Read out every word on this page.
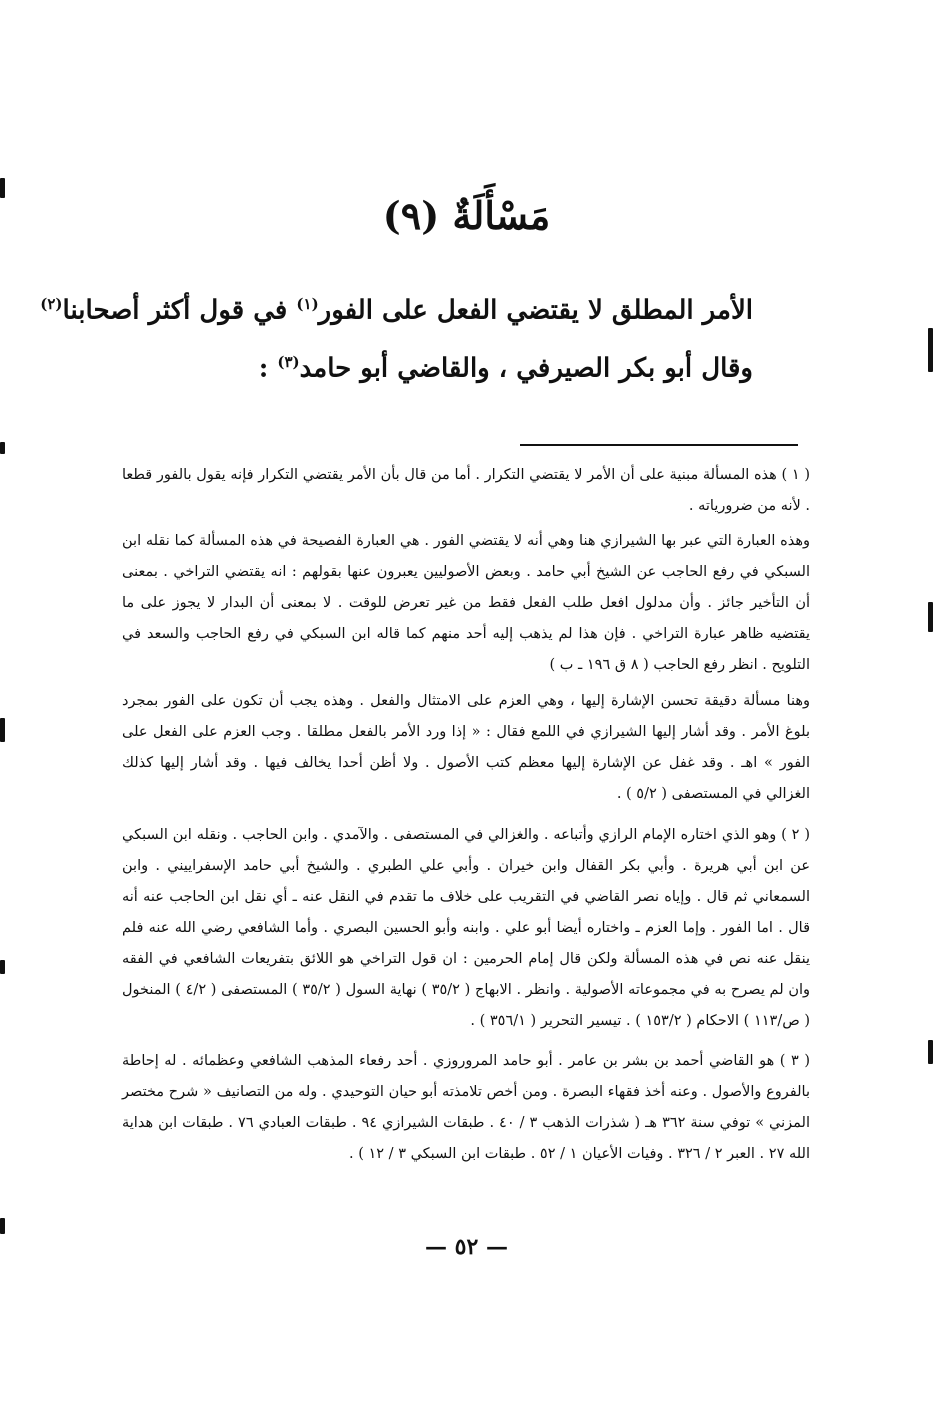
مَسْأَلَةٌ (٩)
الأمر المطلق لا يقتضي الفعل على الفور$^{(١)}$ في قول أكثر أصحابنا$^{(٢)}$
وقال أبو بكر الصيرفي ، والقاضي أبو حامد$^{(٣)}$ :

( ١ ) هذه المسألة مبنية على أن الأمر لا يقتضي التكرار . أما من قال بأن الأمر يقتضي التكرار فإنه يقول بالفور قطعا . لأنه من ضرورياته .

وهذه العبارة التي عبر بها الشيرازي هنا وهي أنه لا يقتضي الفور . هي العبارة الفصيحة في هذه المسألة كما نقله ابن السبكي في رفع الحاجب عن الشيخ أبي حامد . وبعض الأصوليين يعبرون عنها بقولهم : انه يقتضي التراخي . بمعنى أن التأخير جائز . وأن مدلول افعل طلب الفعل فقط من غير تعرض للوقت . لا بمعنى أن البدار لا يجوز على ما يقتضيه ظاهر عبارة التراخي . فإن هذا لم يذهب إليه أحد منهم كما قاله ابن السبكي في رفع الحاجب والسعد في التلويح . انظر رفع الحاجب ( ٨ ق ١٩٦ ـ ب )

وهنا مسألة دقيقة تحسن الإشارة إليها ، وهي العزم على الامتثال والفعل . وهذه يجب أن تكون على الفور بمجرد بلوغ الأمر . وقد أشار إليها الشيرازي في اللمع فقال : « إذا ورد الأمر بالفعل مطلقا . وجب العزم على الفعل على الفور » اهـ . وقد غفل عن الإشارة إليها معظم كتب الأصول . ولا أظن أحدا يخالف فيها . وقد أشار إليها كذلك الغزالي في المستصفى ( ٥/٢ ) .

( ٢ ) وهو الذي اختاره الإمام الرازي وأتباعه . والغزالي في المستصفى . والآمدي . وابن الحاجب . ونقله ابن السبكي عن ابن أبي هريرة . وأبي بكر القفال وابن خيران . وأبي علي الطبري . والشيخ أبي حامد الإسفراييني . وابن السمعاني ثم قال . وإياه نصر القاضي في التقريب على خلاف ما تقدم في النقل عنه ـ أي نقل ابن الحاجب عنه أنه قال . اما الفور . وإما العزم ـ واختاره أيضا أبو علي . وابنه وأبو الحسين البصري . وأما الشافعي رضي الله عنه فلم ينقل عنه نص في هذه المسألة ولكن قال إمام الحرمين : ان قول التراخي هو اللائق بتفريعات الشافعي في الفقه وان لم يصرح به في مجموعاته الأصولية . وانظر . الابهاج ( ٣٥/٢ ) نهاية السول ( ٣٥/٢ ) المستصفى ( ٤/٢ ) المنخول ( ص/١١٣ ) الاحكام ( ١٥٣/٢ ) . تيسير التحرير ( ٣٥٦/١ ) .

( ٣ ) هو القاضي أحمد بن بشر بن عامر . أبو حامد المروروزي . أحد رفعاء المذهب الشافعي وعظمائه . له إحاطة بالفروع والأصول . وعنه أخذ فقهاء البصرة . ومن أخص تلامذته أبو حيان التوحيدي . وله من التصانيف « شرح مختصر المزني » توفي سنة ٣٦٢ هـ ( شذرات الذهب ٣ / ٤٠ . طبقات الشيرازي ٩٤ . طبقات العبادي ٧٦ . طبقات ابن هداية الله ٢٧ . العبر ٢ / ٣٢٦ . وفيات الأعيان ١ / ٥٢ . طبقات ابن السبكي ٣ / ١٢ ) .

— ٥٢ —
